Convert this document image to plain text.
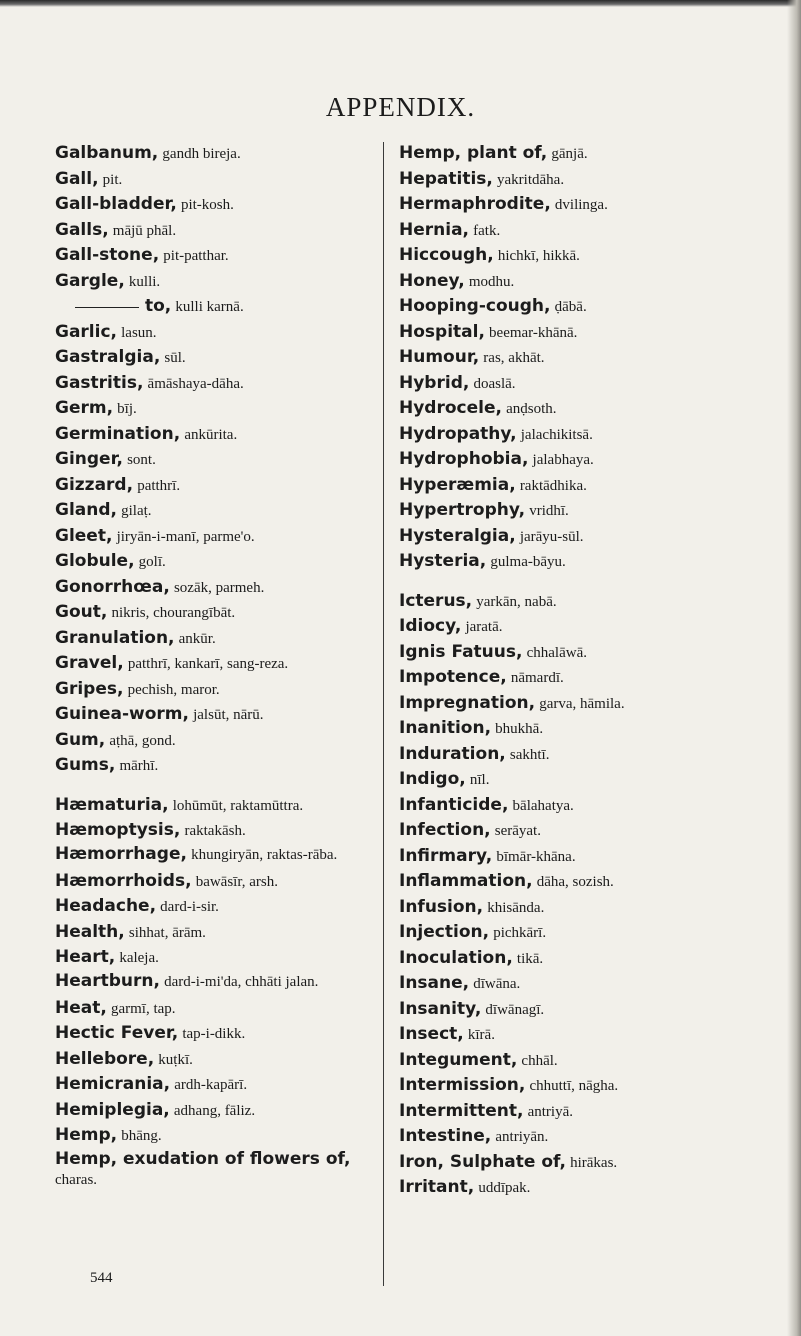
APPENDIX.
Galbanum, gandh bireja.
Gall, pit.
Gall-bladder, pit-kosh.
Galls, mājū phāl.
Gall-stone, pit-patthar.
Gargle, kulli.
to, kulli karnā.
Garlic, lasun.
Gastralgia, sūl.
Gastritis, āmāshaya-dāha.
Germ, bīj.
Germination, ankūrita.
Ginger, sont.
Gizzard, patthrī.
Gland, gilaṭ.
Gleet, jiryān-i-manī, parme'o.
Globule, golī.
Gonorrhœa, sozāk, parmeh.
Gout, nikris, chourangībāt.
Granulation, ankūr.
Gravel, patthrī, kankarī, sang-reza.
Gripes, pechish, maror.
Guinea-worm, jalsūt, nārū.
Gum, aṭhā, gond.
Gums, mārhī.
Hæmaturia, lohūmūt, raktamūttra.
Hæmoptysis, raktakāsh.
Hæmorrhage, khungiryān, raktas-rāba.
Hæmorrhoids, bawāsīr, arsh.
Headache, dard-i-sir.
Health, sihhat, ārām.
Heart, kaleja.
Heartburn, dard-i-mi'da, chhāti jalan.
Heat, garmī, tap.
Hectic Fever, tap-i-dikk.
Hellebore, kuṭkī.
Hemicrania, ardh-kapārī.
Hemiplegia, adhang, fāliz.
Hemp, bhāng.
Hemp, exudation of flowers of, charas.
Hemp, plant of, gānjā.
Hepatitis, yakritdāha.
Hermaphrodite, dvilinga.
Hernia, fatk.
Hiccough, hichkī, hikkā.
Honey, modhu.
Hooping-cough, ḍābā.
Hospital, beemar-khānā.
Humour, ras, akhāt.
Hybrid, doaslā.
Hydrocele, anḍsoth.
Hydropathy, jalachikitsā.
Hydrophobia, jalabhaya.
Hyperæmia, raktādhika.
Hypertrophy, vridhī.
Hysteralgia, jarāyu-sūl.
Hysteria, gulma-bāyu.
Icterus, yarkān, nabā.
Idiocy, jaratā.
Ignis Fatuus, chhalāwā.
Impotence, nāmardī.
Impregnation, garva, hāmila.
Inanition, bhukhā.
Induration, sakhtī.
Indigo, nīl.
Infanticide, bālahatya.
Infection, serāyat.
Infirmary, bīmār-khāna.
Inflammation, dāha, sozish.
Infusion, khisānda.
Injection, pichkārī.
Inoculation, tikā.
Insane, dīwāna.
Insanity, dīwānagī.
Insect, kīrā.
Integument, chhāl.
Intermission, chhuttī, nāgha.
Intermittent, antriyā.
Intestine, antriyān.
Iron, Sulphate of, hirākas.
Irritant, uddīpak.
544
